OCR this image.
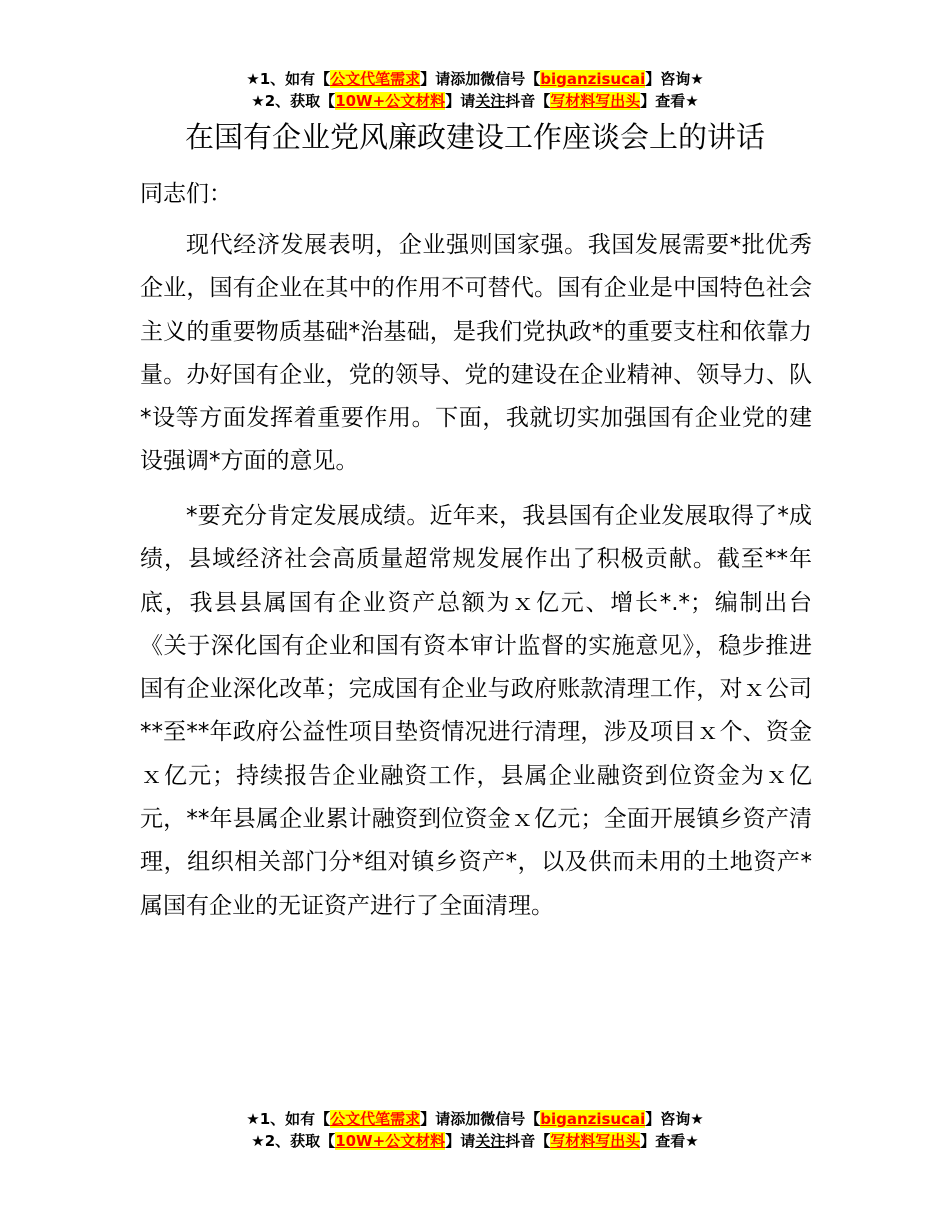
★1、如有【公文代笔需求】请添加微信号【biganzisucai】咨询★
★2、获取【10W+公文材料】请关注抖音【写材料写出头】查看★
在国有企业党风廉政建设工作座谈会上的讲话
同志们：

现代经济发展表明，企业强则国家强。我国发展需要*批优秀企业，国有企业在其中的作用不可替代。国有企业是中国特色社会主义的重要物质基础*治基础，是我们党执政*的重要支柱和依靠力量。办好国有企业，党的领导、党的建设在企业精神、领导力、队*设等方面发挥着重要作用。下面，我就切实加强国有企业党的建设强调*方面的意见。

*要充分肯定发展成绩。近年来，我县国有企业发展取得了*成绩，县域经济社会高质量超常规发展作出了积极贡献。截至**年底，我县县属国有企业资产总额为ｘ亿元、增长*.*；编制出台《关于深化国有企业和国有资本审计监督的实施意见》，稳步推进国有企业深化改革；完成国有企业与政府账款清理工作，对ｘ公司**至**年政府公益性项目垫资情况进行清理，涉及项目ｘ个、资金ｘ亿元；持续报告企业融资工作，县属企业融资到位资金为ｘ亿元，**年县属企业累计融资到位资金ｘ亿元；全面开展镇乡资产清理，组织相关部门分*组对镇乡资产*，以及供而未用的土地资产*属国有企业的无证资产进行了全面清理。

★1、如有【公文代笔需求】请添加微信号【biganzisucai】咨询★
★2、获取【10W+公文材料】请关注抖音【写材料写出头】查看★
